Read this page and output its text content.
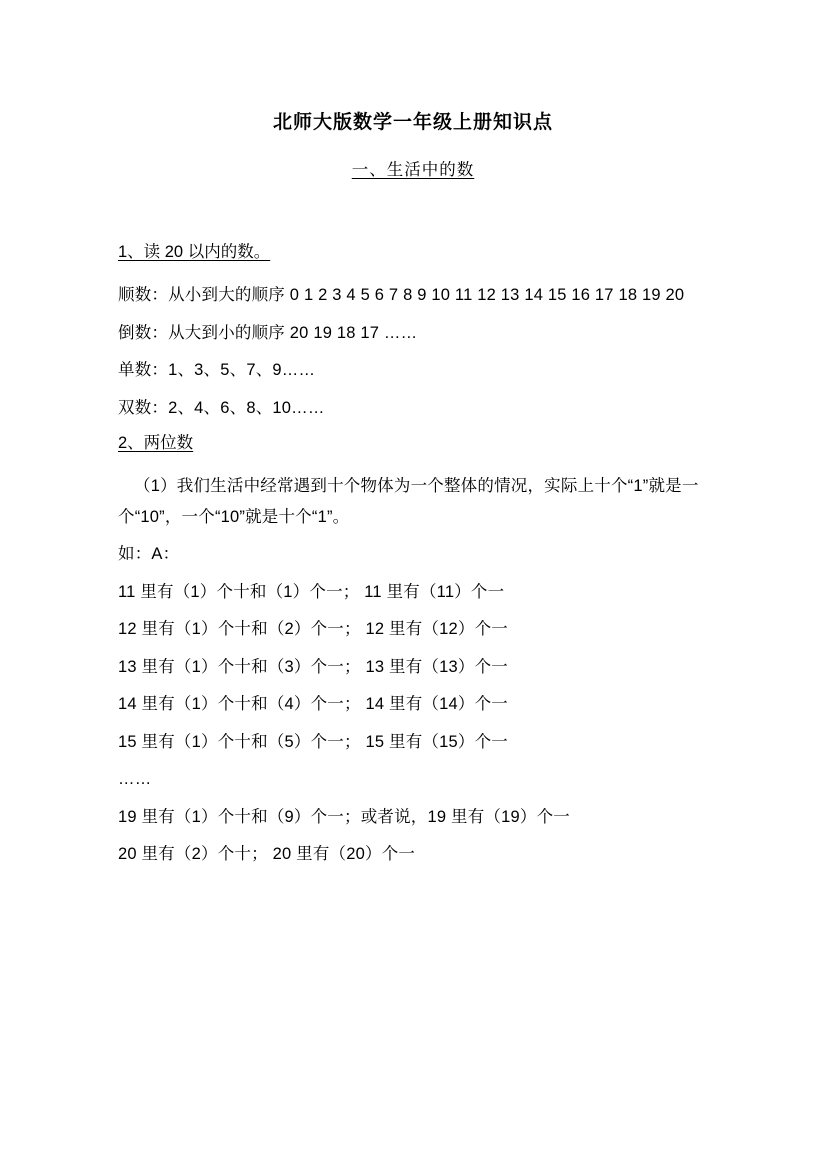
北师大版数学一年级上册知识点
一、生活中的数
1、读 20 以内的数。

顺数：从小到大的顺序 0 1 2 3 4 5 6 7 8 9 10 11 12 13 14 15 16 17 18 19 20

倒数：从大到小的顺序 20 19 18 17 ……

单数：1、3、5、7、9……

双数：2、4、6、8、10……

2、两位数

（1）我们生活中经常遇到十个物体为一个整体的情况，实际上十个“1”就是一个“10”，一个“10”就是十个“1”。

如：A：

11 里有（1）个十和（1）个一； 11 里有（11）个一

12 里有（1）个十和（2）个一； 12 里有（12）个一

13 里有（1）个十和（3）个一； 13 里有（13）个一

14 里有（1）个十和（4）个一； 14 里有（14）个一

15 里有（1）个十和（5）个一； 15 里有（15）个一

……

19 里有（1）个十和（9）个一；或者说，19 里有（19）个一

20 里有（2）个十； 20 里有（20）个一
